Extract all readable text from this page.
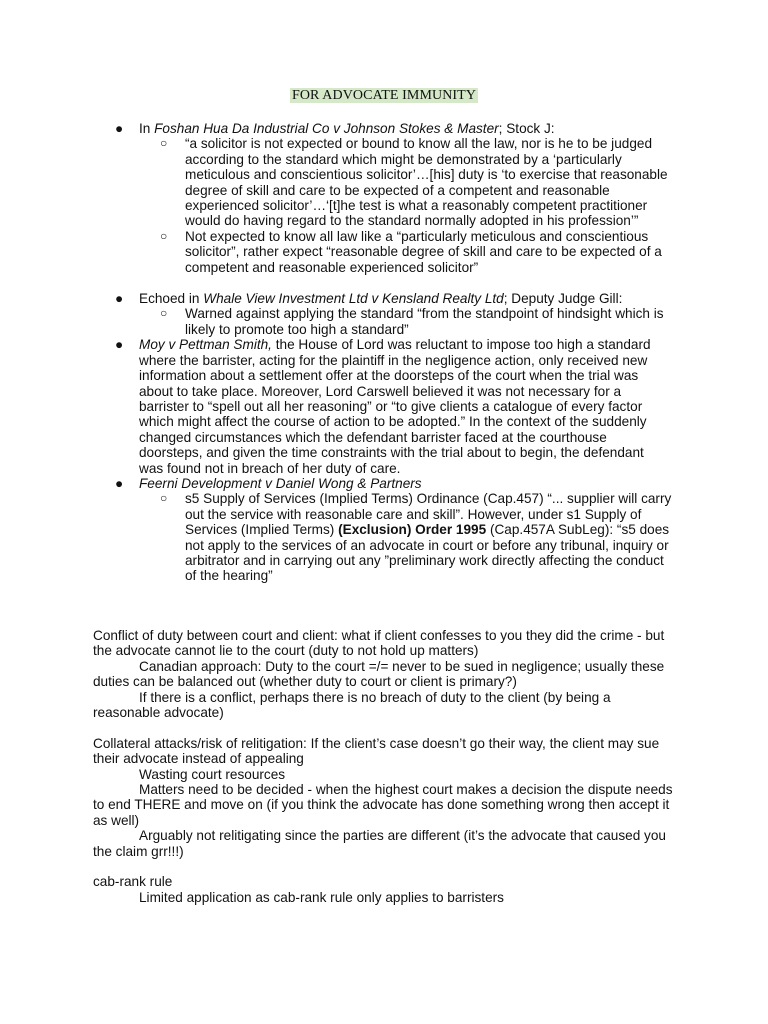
FOR ADVOCATE IMMUNITY
● In Foshan Hua Da Industrial Co v Johnson Stokes & Master; Stock J:
○ “a solicitor is not expected or bound to know all the law, nor is he to be judged according to the standard which might be demonstrated by a ‘particularly meticulous and conscientious solicitor’…[his] duty is ‘to exercise that reasonable degree of skill and care to be expected of a competent and reasonable experienced solicitor’…‘[t]he test is what a reasonably competent practitioner would do having regard to the standard normally adopted in his profession’”
○ Not expected to know all law like a “particularly meticulous and conscientious solicitor”, rather expect “reasonable degree of skill and care to be expected of a competent and reasonable experienced solicitor”
● Echoed in Whale View Investment Ltd v Kensland Realty Ltd; Deputy Judge Gill:
○ Warned against applying the standard “from the standpoint of hindsight which is likely to promote too high a standard”
● Moy v Pettman Smith, the House of Lord was reluctant to impose too high a standard where the barrister, acting for the plaintiff in the negligence action, only received new information about a settlement offer at the doorsteps of the court when the trial was about to take place. Moreover, Lord Carswell believed it was not necessary for a barrister to “spell out all her reasoning” or “to give clients a catalogue of every factor which might affect the course of action to be adopted.” In the context of the suddenly changed circumstances which the defendant barrister faced at the courthouse doorsteps, and given the time constraints with the trial about to begin, the defendant was found not in breach of her duty of care.
● Feerni Development v Daniel Wong & Partners
○ s5 Supply of Services (Implied Terms) Ordinance (Cap.457) “... supplier will carry out the service with reasonable care and skill”. However, under s1 Supply of Services (Implied Terms) (Exclusion) Order 1995 (Cap.457A SubLeg): “s5 does not apply to the services of an advocate in court or before any tribunal, inquiry or arbitrator and in carrying out any ”preliminary work directly affecting the conduct of the hearing”
Conflict of duty between court and client: what if client confesses to you they did the crime - but the advocate cannot lie to the court (duty to not hold up matters)
Canadian approach: Duty to the court =/= never to be sued in negligence; usually these duties can be balanced out (whether duty to court or client is primary?)
If there is a conflict, perhaps there is no breach of duty to the client (by being a reasonable advocate)
Collateral attacks/risk of relitigation: If the client’s case doesn’t go their way, the client may sue their advocate instead of appealing
Wasting court resources
Matters need to be decided - when the highest court makes a decision the dispute needs to end THERE and move on (if you think the advocate has done something wrong then accept it as well)
Arguably not relitigating since the parties are different (it’s the advocate that caused you the claim grr!!!)
cab-rank rule
Limited application as cab-rank rule only applies to barristers
